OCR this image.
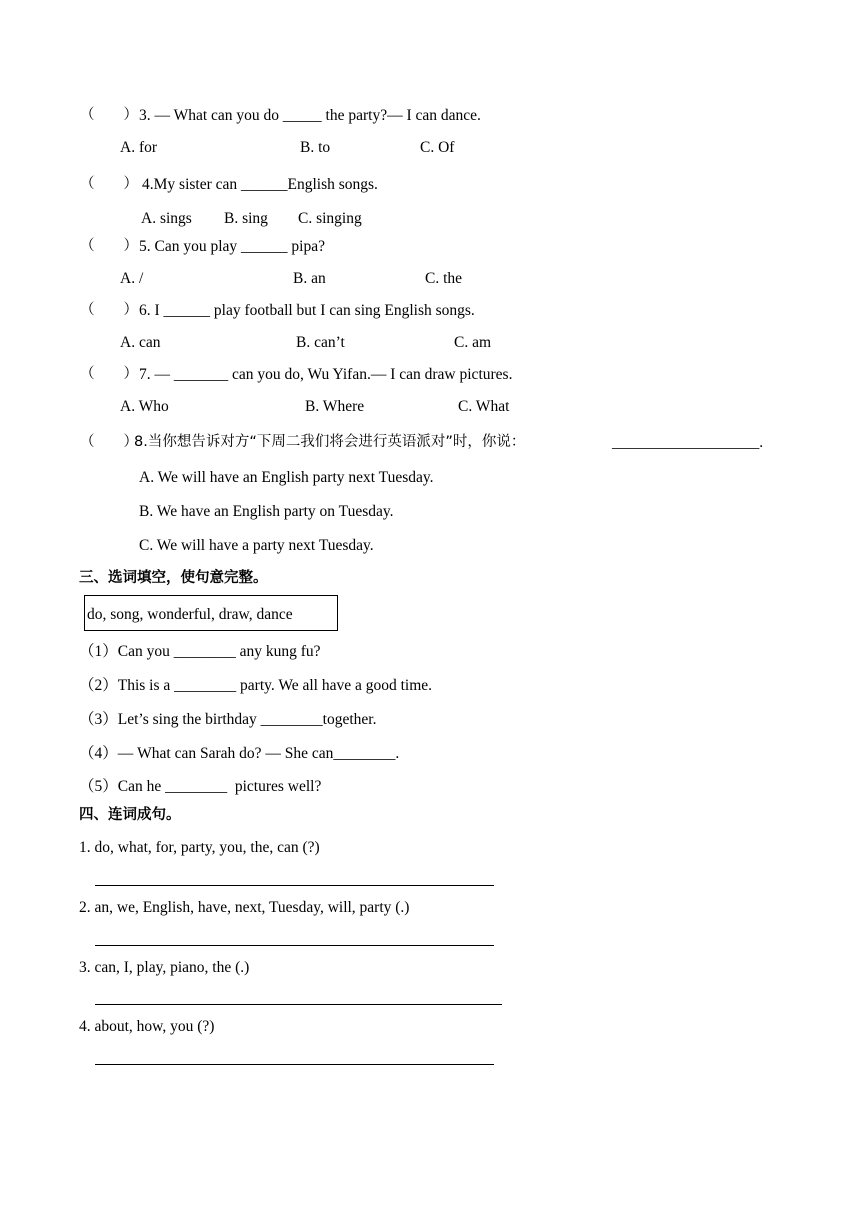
（　　） 3. — What can you do _____ the party?— I can dance.
A. for	B. to	C. Of
（　　） 4.My sister can ______English songs.
A. sings B. sing C. singing
（　　） 5. Can you play ______ pipa?
A. /	B. an	C. the
（　　） 6. I ______ play football but I can sing English songs.
A. can	B. can’t	C. am
（　　） 7. — _______ can you do, Wu Yifan.— I can draw pictures.
A. Who	B. Where	C. What
（　　）
8.当你想告诉对方“下周二我们将会进行英语派对”时，你说：	___________________.
A. We will have an English party next Tuesday.
B. We have an English party on Tuesday.
C. We will have a party next Tuesday.
三、选词填空，使句意完整。
do, song, wonderful, draw, dance
（1）Can you ________ any kung fu?
（2）This is a ________ party. We all have a good time.
（3）Let’s sing the birthday ________together.
（4）— What can Sarah do? — She can________.
（5）Can he ________  pictures well?
四、连词成句。
1. do, what, for, party, you, the, can (?)
2. an, we, English, have, next, Tuesday, will, party (.)
3. can, I, play, piano, the (.)
4. about, how, you (?)
